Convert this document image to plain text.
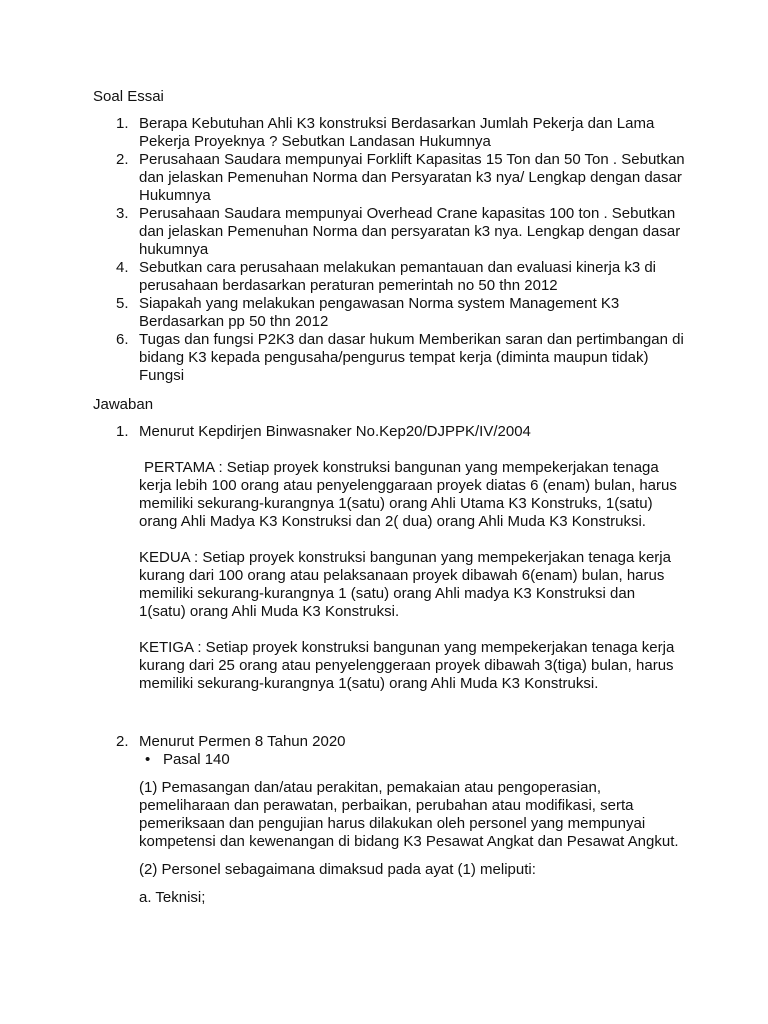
Soal Essai
1. Berapa Kebutuhan Ahli K3 konstruksi Berdasarkan Jumlah Pekerja dan Lama Pekerja Proyeknya ? Sebutkan Landasan Hukumnya
2. Perusahaan Saudara mempunyai Forklift Kapasitas 15 Ton dan 50 Ton . Sebutkan dan jelaskan Pemenuhan Norma dan Persyaratan k3 nya/ Lengkap dengan dasar Hukumnya
3. Perusahaan Saudara mempunyai Overhead Crane kapasitas 100 ton . Sebutkan dan jelaskan Pemenuhan Norma dan persyaratan k3 nya. Lengkap dengan dasar hukumnya
4. Sebutkan cara perusahaan melakukan pemantauan dan evaluasi kinerja k3 di perusahaan berdasarkan peraturan pemerintah no 50 thn 2012
5. Siapakah yang melakukan pengawasan Norma system Management K3 Berdasarkan pp 50 thn 2012
6. Tugas dan fungsi P2K3 dan dasar hukum Memberikan saran dan pertimbangan di bidang K3 kepada pengusaha/pengurus tempat kerja (diminta maupun tidak) Fungsi
Jawaban
1. Menurut Kepdirjen Binwasnaker No.Kep20/DJPPK/IV/2004

PERTAMA : Setiap proyek konstruksi bangunan yang mempekerjakan tenaga kerja lebih 100 orang atau penyelenggaraan proyek diatas 6 (enam) bulan, harus memiliki sekurang-kurangnya 1(satu) orang Ahli Utama K3 Konstruks, 1(satu) orang Ahli Madya K3 Konstruksi dan 2( dua) orang Ahli Muda K3 Konstruksi.

KEDUA : Setiap proyek konstruksi bangunan yang mempekerjakan tenaga kerja kurang dari 100 orang atau pelaksanaan proyek dibawah 6(enam) bulan, harus memiliki sekurang-kurangnya 1 (satu) orang Ahli madya K3 Konstruksi dan 1(satu) orang Ahli Muda K3 Konstruksi.

KETIGA : Setiap proyek konstruksi bangunan yang mempekerjakan tenaga kerja kurang dari 25 orang atau penyelenggeraan proyek dibawah 3(tiga) bulan, harus memiliki sekurang-kurangnya 1(satu) orang Ahli Muda K3 Konstruksi.

2. Menurut Permen 8 Tahun 2020
• Pasal 140

(1) Pemasangan dan/atau perakitan, pemakaian atau pengoperasian, pemeliharaan dan perawatan, perbaikan, perubahan atau modifikasi, serta pemeriksaan dan pengujian harus dilakukan oleh personel yang mempunyai kompetensi dan kewenangan di bidang K3 Pesawat Angkat dan Pesawat Angkut.

(2) Personel sebagaimana dimaksud pada ayat (1) meliputi:

a. Teknisi;
